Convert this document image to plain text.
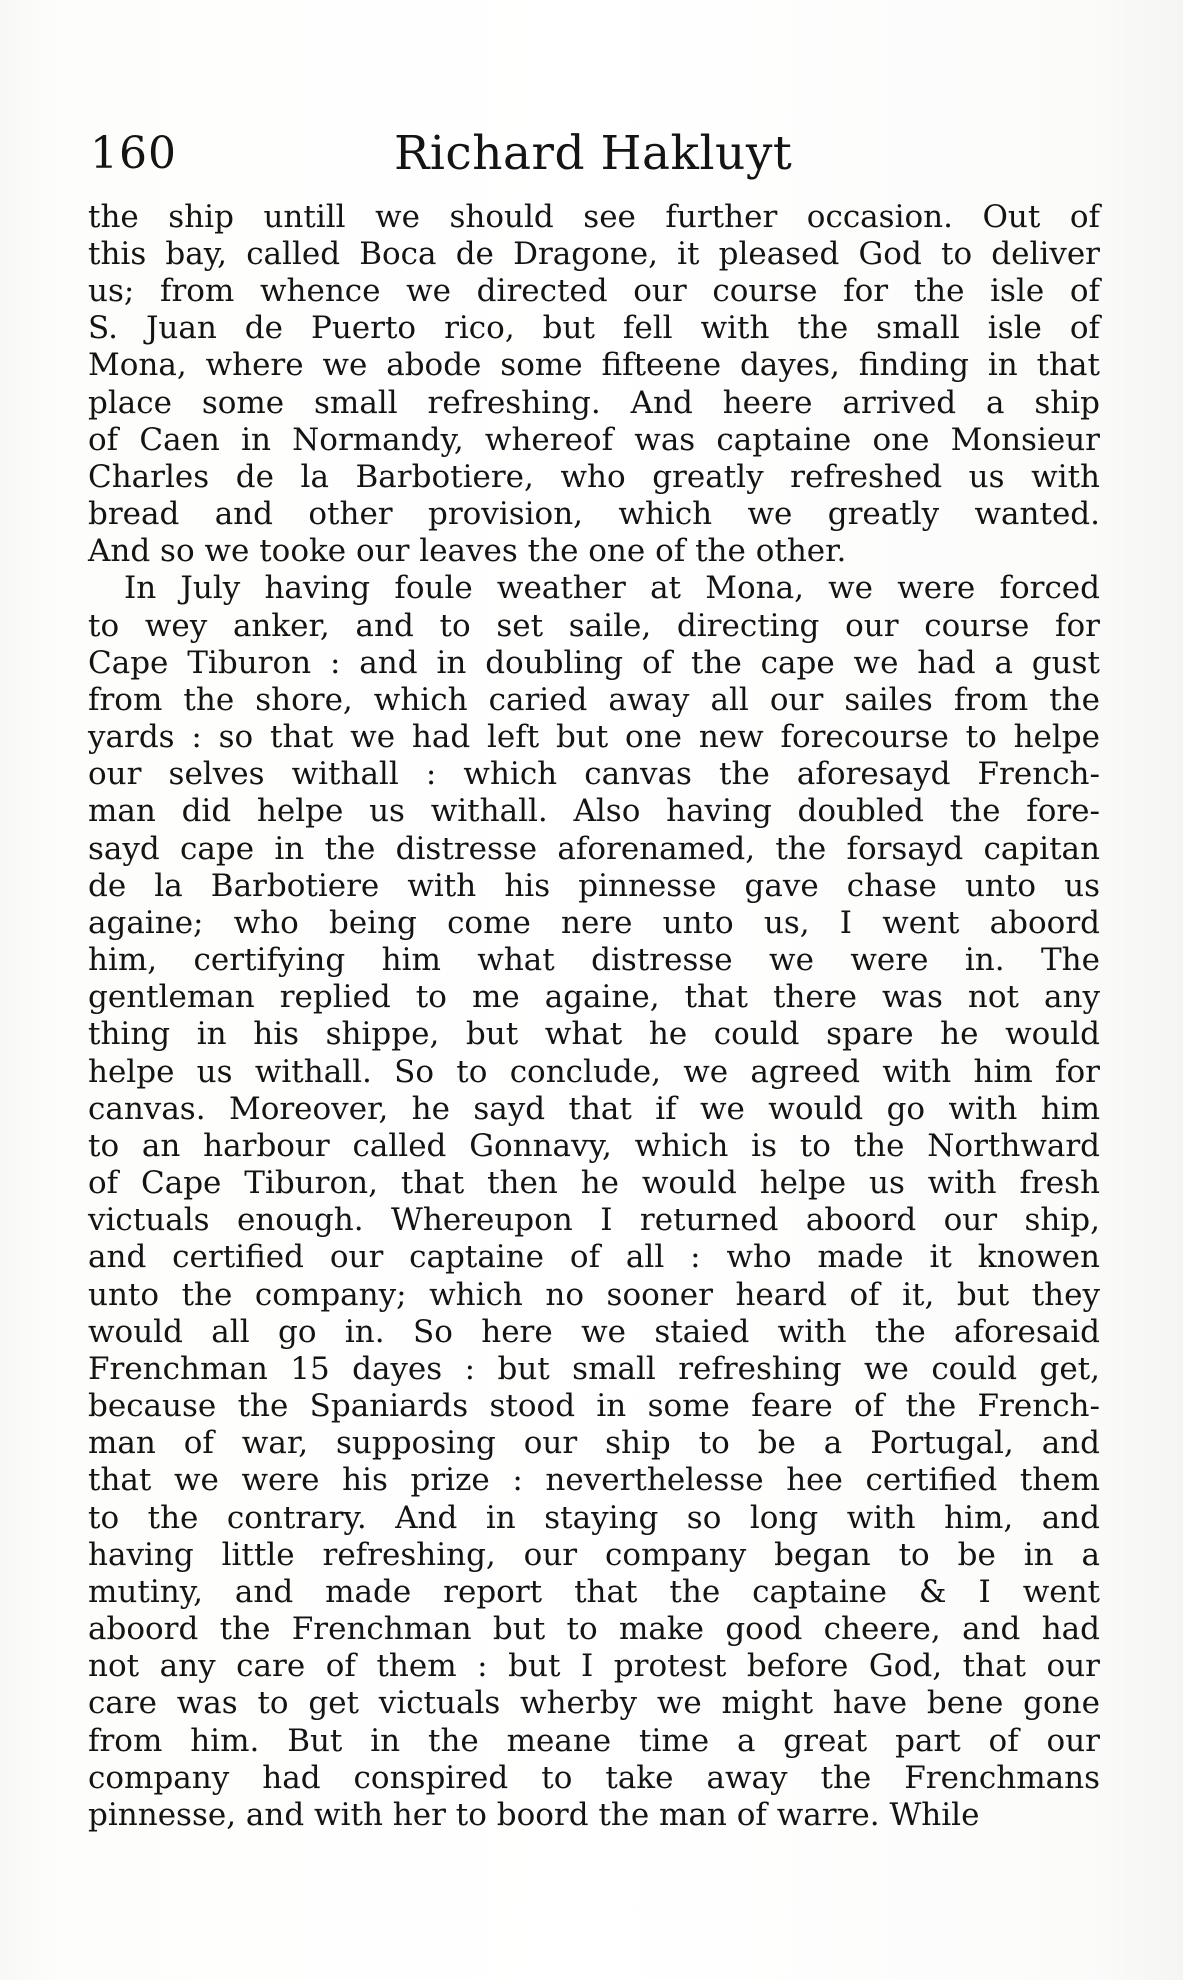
160	Richard Hakluyt
the ship untill we should see further occasion. Out of
this bay, called Boca de Dragone, it pleased God to deliver
us; from whence we directed our course for the isle of
S. Juan de Puerto rico, but fell with the small isle of
Mona, where we abode some fifteene dayes, finding in that
place some small refreshing. And heere arrived a ship
of Caen in Normandy, whereof was captaine one Monsieur
Charles de la Barbotiere, who greatly refreshed us with
bread and other provision, which we greatly wanted.
And so we tooke our leaves the one of the other.
In July having foule weather at Mona, we were forced
to wey anker, and to set saile, directing our course for
Cape Tiburon : and in doubling of the cape we had a gust
from the shore, which caried away all our sailes from the
yards : so that we had left but one new forecourse to helpe
our selves withall : which canvas the aforesayd French-
man did helpe us withall. Also having doubled the fore-
sayd cape in the distresse aforenamed, the forsayd capitan
de la Barbotiere with his pinnesse gave chase unto us
againe; who being come nere unto us, I went aboord
him, certifying him what distresse we were in. The
gentleman replied to me againe, that there was not any
thing in his shippe, but what he could spare he would
helpe us withall. So to conclude, we agreed with him for
canvas. Moreover, he sayd that if we would go with him
to an harbour called Gonnavy, which is to the Northward
of Cape Tiburon, that then he would helpe us with fresh
victuals enough. Whereupon I returned aboord our ship,
and certified our captaine of all : who made it knowen
unto the company; which no sooner heard of it, but they
would all go in. So here we staied with the aforesaid
Frenchman 15 dayes : but small refreshing we could get,
because the Spaniards stood in some feare of the French-
man of war, supposing our ship to be a Portugal, and
that we were his prize : neverthelesse hee certified them
to the contrary. And in staying so long with him, and
having little refreshing, our company began to be in a
mutiny, and made report that the captaine & I went
aboord the Frenchman but to make good cheere, and had
not any care of them : but I protest before God, that our
care was to get victuals wherby we might have bene gone
from him. But in the meane time a great part of our
company had conspired to take away the Frenchmans
pinnesse, and with her to boord the man of warre. While
